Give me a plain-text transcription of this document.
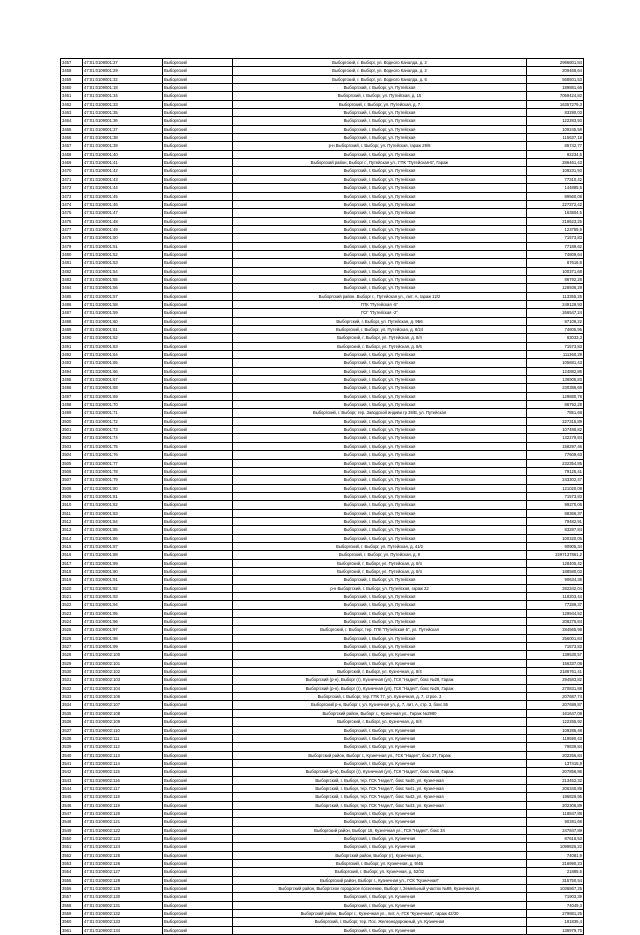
3457	47:01:0109001:27	Выборгский	Выборгский, г. Выборг, ул. Водного Каналда, д. 2	2996801,84
3458	47:01:0109001:29	Выборгский	Выборгский, г. Выборг, ул. Водного Каналда, д. 2	209468,64
3459	47:01:0109001:32	Выборгский	Выборгский, г. Выборг, ул. Водного Каналда, д. 6	568501,53
3460	47:01:0109001:18	Выборгский	Выборгский, г. Выборг, ул. Путейская	189881,66
3461	47:01:0109001:34	Выборгский	Выборгский, г. Выборг, ул. Путейская, д. 15	7059424,82
3462	47:01:0109001:33	Выборгский	Выборгский, г. Выборг, ул. Путейская, д. 7	16357279,3
3463	47:01:0109001:35	Выборгский	Выборгский, г. Выборг, ул. Путейская	83290,03
3464	47:01:0109001:36	Выборгский	Выборгский, г. Выборг, ул. Путейская	122283,93
3465	47:01:0109001:37	Выборгский	Выборгский, г. Выборг, ул. Путейская	109245,58
3466	47:01:0109001:38	Выборгский	Выборгский, г. Выборг, ул. Путейская	115637,18
3467	47:01:0109001:39	Выборгский	р-н Выборгский, г. Выборг, ул. Путейская, гараж 29/8	85742,77
3468	47:01:0109001:40	Выборгский	Выборгский, г. Выборг, ул. Путейская	92234,5
3469	47:01:0109001:41	Выборгский	Выборгский район, Выборг г., Путейская ул., ГПК "Путейская-5", Гараж	286461,43
3470	47:01:0109001:42	Выборгский	Выборгский, г. Выборг, ул. Путейская	109231,93
3471	47:01:0109001:43	Выборгский	Выборгский, г. Выборг, ул. Путейская	77310,42
3472	47:01:0109001:44	Выборгский	Выборгский, г. Выборг, ул. Путейская	144885,5
3473	47:01:0109001:45	Выборгский	Выборгский, г. Выборг, ул. Путейская	89560,08
3474	47:01:0109001:46	Выборгский	Выборгский, г. Выборг, ул. Путейская	227372,42
3475	47:01:0109001:47	Выборгский	Выборгский, г. Выборг, ул. Путейская	163804,5
3476	47:01:0109001:48	Выборгский	Выборгский, г. Выборг, ул. Путейская	218623,25
3477	47:01:0109001:49	Выборгский	Выборгский, г. Выборг, ул. Путейская	123759,9
3478	47:01:0109001:50	Выборгский	Выборгский, г. Выборг, ул. Путейская	71573,83
3479	47:01:0109001:51	Выборгский	Выборгский, г. Выборг, ул. Путейская	77189,62
3480	47:01:0109001:52	Выборгский	Выборгский, г. Выборг, ул. Путейская	74809,64
3481	47:01:0109001:53	Выборгский	Выборгский, г. Выборг, ул. Путейская	87616,8
3482	47:01:0109001:54	Выборгский	Выборгский, г. Выборг, ул. Путейская	100371,68
3483	47:01:0109001:55	Выборгский	Выборгский, г. Выборг, ул. Путейская	86792,28
3484	47:01:0109001:56	Выборгский	Выборгский, г. Выборг, ул. Путейская	128936,29
3485	47:01:0109001:57	Выборгский	Выборгский район, Выборг г., Путейская ул., лит. А, гараж 12/2	113355,25
3486	47:01:0109001:58	Выборгский	ГПК "Путейская -5"	249129,93
3487	47:01:0109001:59	Выборгский	ГСГ "Путейская -2"	266547,24
3488	47:01:0109001:60	Выборгский	Выборгский, г. Выборг, ул. Путейская, д. 9Б6	97109,22
3489	47:01:0109001:61	Выборгский	Выборгский, г. Выборг, ул. Путейская, д. 8/24	74805,95
3490	47:01:0109001:62	Выборгский	Выборгский, г. Выборг, ул. Путейская, д. 8/4	83033,3
3491	47:01:0109001:63	Выборгский	Выборгский, г. Выборг, ул. Путейская, д. 8/6	71573,83
3492	47:01:0109001:64	Выборгский	Выборгский, г. Выборг, ул. Путейская	111360,29
3493	47:01:0109001:65	Выборгский	Выборгский, г. Выборг, ул. Путейская	105681,43
3494	47:01:0109001:66	Выборгский	Выборгский, г. Выборг, ул. Путейская	124882,86
3495	47:01:0109001:67	Выборгский	Выборгский, г. Выборг, ул. Путейская	136905,83
3496	47:01:0109001:68	Выборгский	Выборгский, г. Выборг, ул. Путейская	230386,69
3497	47:01:0109001:69	Выборгский	Выборгский, г. Выборг, ул. Путейская	129880,78
3498	47:01:0109001:70	Выборгский	Выборгский, г. Выборг, ул. Путейская	86792,28
3499	47:01:0109001:71	Выборгский	Выборгский, г. Выборг, тер. Заводской индиви гр 39/В, ул. Путейская	7851,68
3500	47:01:0109001:72	Выборгский	Выборгский, г. Выборг, ул. Путейская	227315,89
3501	47:01:0109001:73	Выборгский	Выборгский, г. Выборг, ул. Путейская	107488,82
3502	47:01:0109001:74	Выборгский	Выборгский, г. Выборг, ул. Путейская	132279,84
3503	47:01:0109001:75	Выборгский	Выборгский, г. Выборг, ул. Путейская	158297,46
3504	47:01:0109001:76	Выборгский	Выборгский, г. Выборг, ул. Путейская	77609,63
3505	47:01:0109001:77	Выборгский	Выборгский, г. Выборг, ул. Путейская	232354,85
3506	47:01:0109001:78	Выборгский	Выборгский, г. Выборг, ул. Путейская	79125,41
3507	47:01:0109001:79	Выборгский	Выборгский, г. Выборг, ул. Путейская	243302,47
3508	47:01:0109001:80	Выборгский	Выборгский, г. Выборг, ул. Путейская	121020,08
3509	47:01:0109001:81	Выборгский	Выборгский, г. Выборг, ул. Путейская	71573,83
3510	47:01:0109001:82	Выборгский	Выборгский, г. Выборг, ул. Путейская	99270,06
3511	47:01:0109001:83	Выборгский	Выборгский, г. Выборг, ул. Путейская	88366,37
3512	47:01:0109001:84	Выборгский	Выборгский, г. Выборг, ул. Путейская	79482,91
3513	47:01:0109001:85	Выборгский	Выборгский, г. Выборг, ул. Путейская	83287,84
3514	47:01:0109001:86	Выборгский	Выборгский, г. Выборг, ул. Путейская	100320,05
3515	47:01:0109001:87	Выборгский	Выборгский, г. Выборг, ул. Путейская, д. 41/2	90905,34
3516	47:01:0109001:88	Выборгский	Выборгский, г. Выборг, ул. Путейская, д. 9	2297137861,2
3517	47:01:0109001:89	Выборгский	Выборгский, г. Выборг, ул. Путейская, д. 8/4	128405,42
3518	47:01:0109001:90	Выборгский	Выборгский, г. Выборг, ул. Путейская, д. 8/4	188580,03
3519	47:01:0109001:91	Выборгский	Выборгский, г. Выборг, ул. Путейская	90634,38
3520	47:01:0109001:92	Выборгский	р-н Выборгский, г. Выборг, ул. Путейская, гараж 22	282342,04
3521	47:01:0109001:93	Выборгский	Выборгский, г. Выборг, ул. Путейская	118203,44
3522	47:01:0109001:94	Выборгский	Выборгский, г. Выборг, ул. Путейская	77289,37
3523	47:01:0109001:95	Выборгский	Выборгский, г. Выборг, ул. Путейская	129944,52
3524	47:01:0109001:96	Выборгский	Выборгский, г. Выборг, ул. Путейская	208275,84
3525	47:01:0109001:97	Выборгский	Выборгский, г. Выборг, тер. ГПК "Путейская-5", ул. Путейская	284565,98
3526	47:01:0109001:98	Выборгский	Выборгский, г. Выборг, ул. Путейская	256001,84
3527	47:01:0109001:99	Выборгский	Выборгский, г. Выборг, ул. Путейская	71573,83
3528	47:01:0109002:100	Выборгский	Выборгский, г. Выборг, ул. Кузнечная	139530,57
3529	47:01:0109002:101	Выборгский	Выборгский, г. Выборг, ул. Кузнечная	156337,08
3530	47:01:0109002:102	Выборгский	Выборгский, г. Выборг, ул. Кузнечная, д. 8/4	2186761,41
3531	47:01:0109002:103	Выборгский	Выборгский (р-н), Выборг (г), Кузнечная (ул), ГСК "Надел", бокс №28, Гараж	294583,82
3532	47:01:0109002:104	Выборгский	Выборгский (р-н), Выборг (г), Кузнечная (ул), ГСК "Надел", бокс №26, Гараж	270831,88
3533	47:01:0109002:106	Выборгский	Выборгский, г. Выборг, тер. ГПК 77, ул. Кузнечная, д. 7, строе. 3	207687,74
3534	47:01:0109002:107	Выборгский	Выборгский р-н, Выборг г, ул. Кузнечная ул, д. 7, лит. А, стр. 3, бокс 55	207689,87
3535	47:01:0109002:108	Выборгский	Выборгский район, Выборг г., Кузнечная ул., Гараж №2980	161647,08
3536	47:01:0109002:109	Выборгский	Выборгский, г. Выборг, ул. Кузнечная, д. 8/4	122265,92
3537	47:01:0109002:110	Выборгский	Выборгский, г. Выборг, ул. Кузнечная	109285,48
3538	47:01:0109002:111	Выборгский	Выборгский, г. Выборг, ул. Кузнечная	119590,43
3539	47:01:0109002:112	Выборгский	Выборгский, г. Выборг, ул. Кузнечная	79839,84
3540	47:01:0109002:113	Выборгский	Выборгский район, Выборг г., Кузнечная ул., ГСК "Надел", бокс 27, Гараж	202256,84
3541	47:01:0109002:114	Выборгский	Выборгский, г. Выборг, ул. Кузнечная	137415,9
3542	47:01:0109002:115	Выборгский	Выборгский (р-н), Выборг (г), Кузнечная (ул), ГСК "Надел", бокс №49, Гараж	207856,86
3543	47:01:0109002:116	Выборгский	Выборгский, г. Выборг, тер. ГСК "Надел", бокс №40, ул. Кузнечная	213452,32
3544	47:01:0109002:117	Выборгский	Выборгский, г. Выборг, тер. ГСК "Надел", бокс №41, ул. Кузнечная	206340,89
3545	47:01:0109002:118	Выборгский	Выборгский, г. Выборг, тер. ГСК "Надел", бокс №42, ул. Кузнечная	196829,95
3546	47:01:0109002:119	Выборгский	Выборгский, г. Выборг, тер. ГСК "Надел", бокс №43, ул. Кузнечная	202306,89
3547	47:01:0109002:120	Выборгский	Выборгский, г. Выборг, ул. Кузнечная	118847,88
3548	47:01:0109002:121	Выборгский	Выборгский, г. Выборг, ул. Кузнечная	90281,68
3549	47:01:0109002:122	Выборгский	Выборгский район, Выборг 16, Кузнечная ул., ГСК "Надел", бокс 34	247847,89
3550	47:01:0109002:123	Выборгский	Выборгский, г. Выборг, ул. Кузнечная	87616,53
3551	47:01:0109002:124	Выборгский	Выборгский, г. Выборг, ул. Кузнечная	1099826,22
3552	47:01:0109002:125	Выборгский	Выборгский район, Выборг (г), Кузнечная ул.,	74081,9
3553	47:01:0109002:126	Выборгский	Выборгский, г. Выборг, ул. Кузнечная, д. 9/4Б	218990,23
3554	47:01:0109002:127	Выборгский	Выборгский, г. Выборг, ул. Кузнечная, д. 52/32	21885,5
3555	47:01:0109002:128	Выборгский	Выборгский район, Выборг г., Кузнечная ул., ГСК "Кузнечная"	315750,54
3556	47:01:0109002:129	Выборгский	Выборгский район, Выборгское городское поселение, Выборг г, Земельный участок №89, Кузнечная ул.	1036867,25
3557	47:01:0109002:130	Выборгский	Выборгский, г. Выборг, ул. Кузнечная	71903,39
3558	47:01:0109002:131	Выборгский	Выборгский, г. Выборг, ул. Кузнечная	74049,3
3559	47:01:0109002:132	Выборгский	Выборгский район, Выборг г., Кузнечная ул., лит. А, ГСК "Кузнечная", гараж 42/30	279881,25
3560	47:01:0109002:133	Выборгский	Выборгский, г. Выборг, тер. Пос. Железнодорожный, ул. Кузнечная	181835,4
3561	47:01:0109002:134	Выборгский	Выборгский, г. Выборг, ул. Кузнечная	136979,75
